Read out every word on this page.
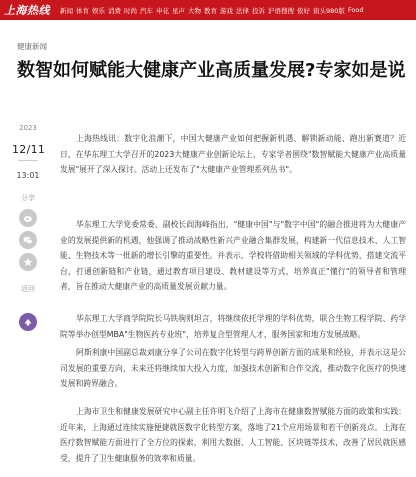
上海热线	新闻 体育 娱乐 消费 时尚 汽车 申花 星声 大物 教育 游戏 法律 投诉 沪语搜搜 侬好 街头980版 Food
健康新闻
数智如何赋能大健康产业高质量发展?专家如是说
2023
12/11
13:01
分享
返回

上海热线讯：数字化浪潮下，中国大健康产业如何把握新机遇、解锁新动能、跑出新赛道？近日，在华东理工大学召开的2023大健康产业创新论坛上，专家学者围绕"数智赋能大健康产业高质量发展"展开了深入探讨。活动上还发布了"大健康产业管理系列丛书"。

华东理工大学党委常委、副校长阎海峰指出，"健康中国"与"数字中国"的融合推进将为大健康产业的发展提供新的机遇，他强调了推动战略性新兴产业融合集群发展，构建新一代信息技术、人工智能、生物技术等一批新的增长引擎的重要性。并表示，学校将借助相关领域的学科优势，搭建交流平台，打通创新链和产业链，通过教育项目建设、教材建设等方式，培养真正"懂行"的领导者和管理者，旨在推动大健康产业的高质量发展贡献力量。

华东理工大学商学院院长马铁驹则坦言，将继续依托学理的学科优势，联合生物工程学院、药学院等举办创型MBA"生物医药专业班"，培养复合型管理人才，服务国家和地方发展战略。

阿斯利康中国副总裁刘康分享了公司在数字化转型与跨界创新方面的成果和经验，并表示这是公司发展的重要方向，未来还将继续加大投入力度，加强技术创新和合作交流，推动数字化医疗的快速发展和跨界融合。

上海市卫生和健康发展研究中心副主任许明飞介绍了上海市在健康数智赋能方面的政策和实践：近年来，上海通过连续实施便捷就医数字化转型方案，落地了21个应用场景和若干创新亮点。上海在医疗数智赋能方面进行了全方位的探索，利用大数据、人工智能、区块链等技术，改善了居民就医感受，提升了卫生健康服务的效率和质量。
